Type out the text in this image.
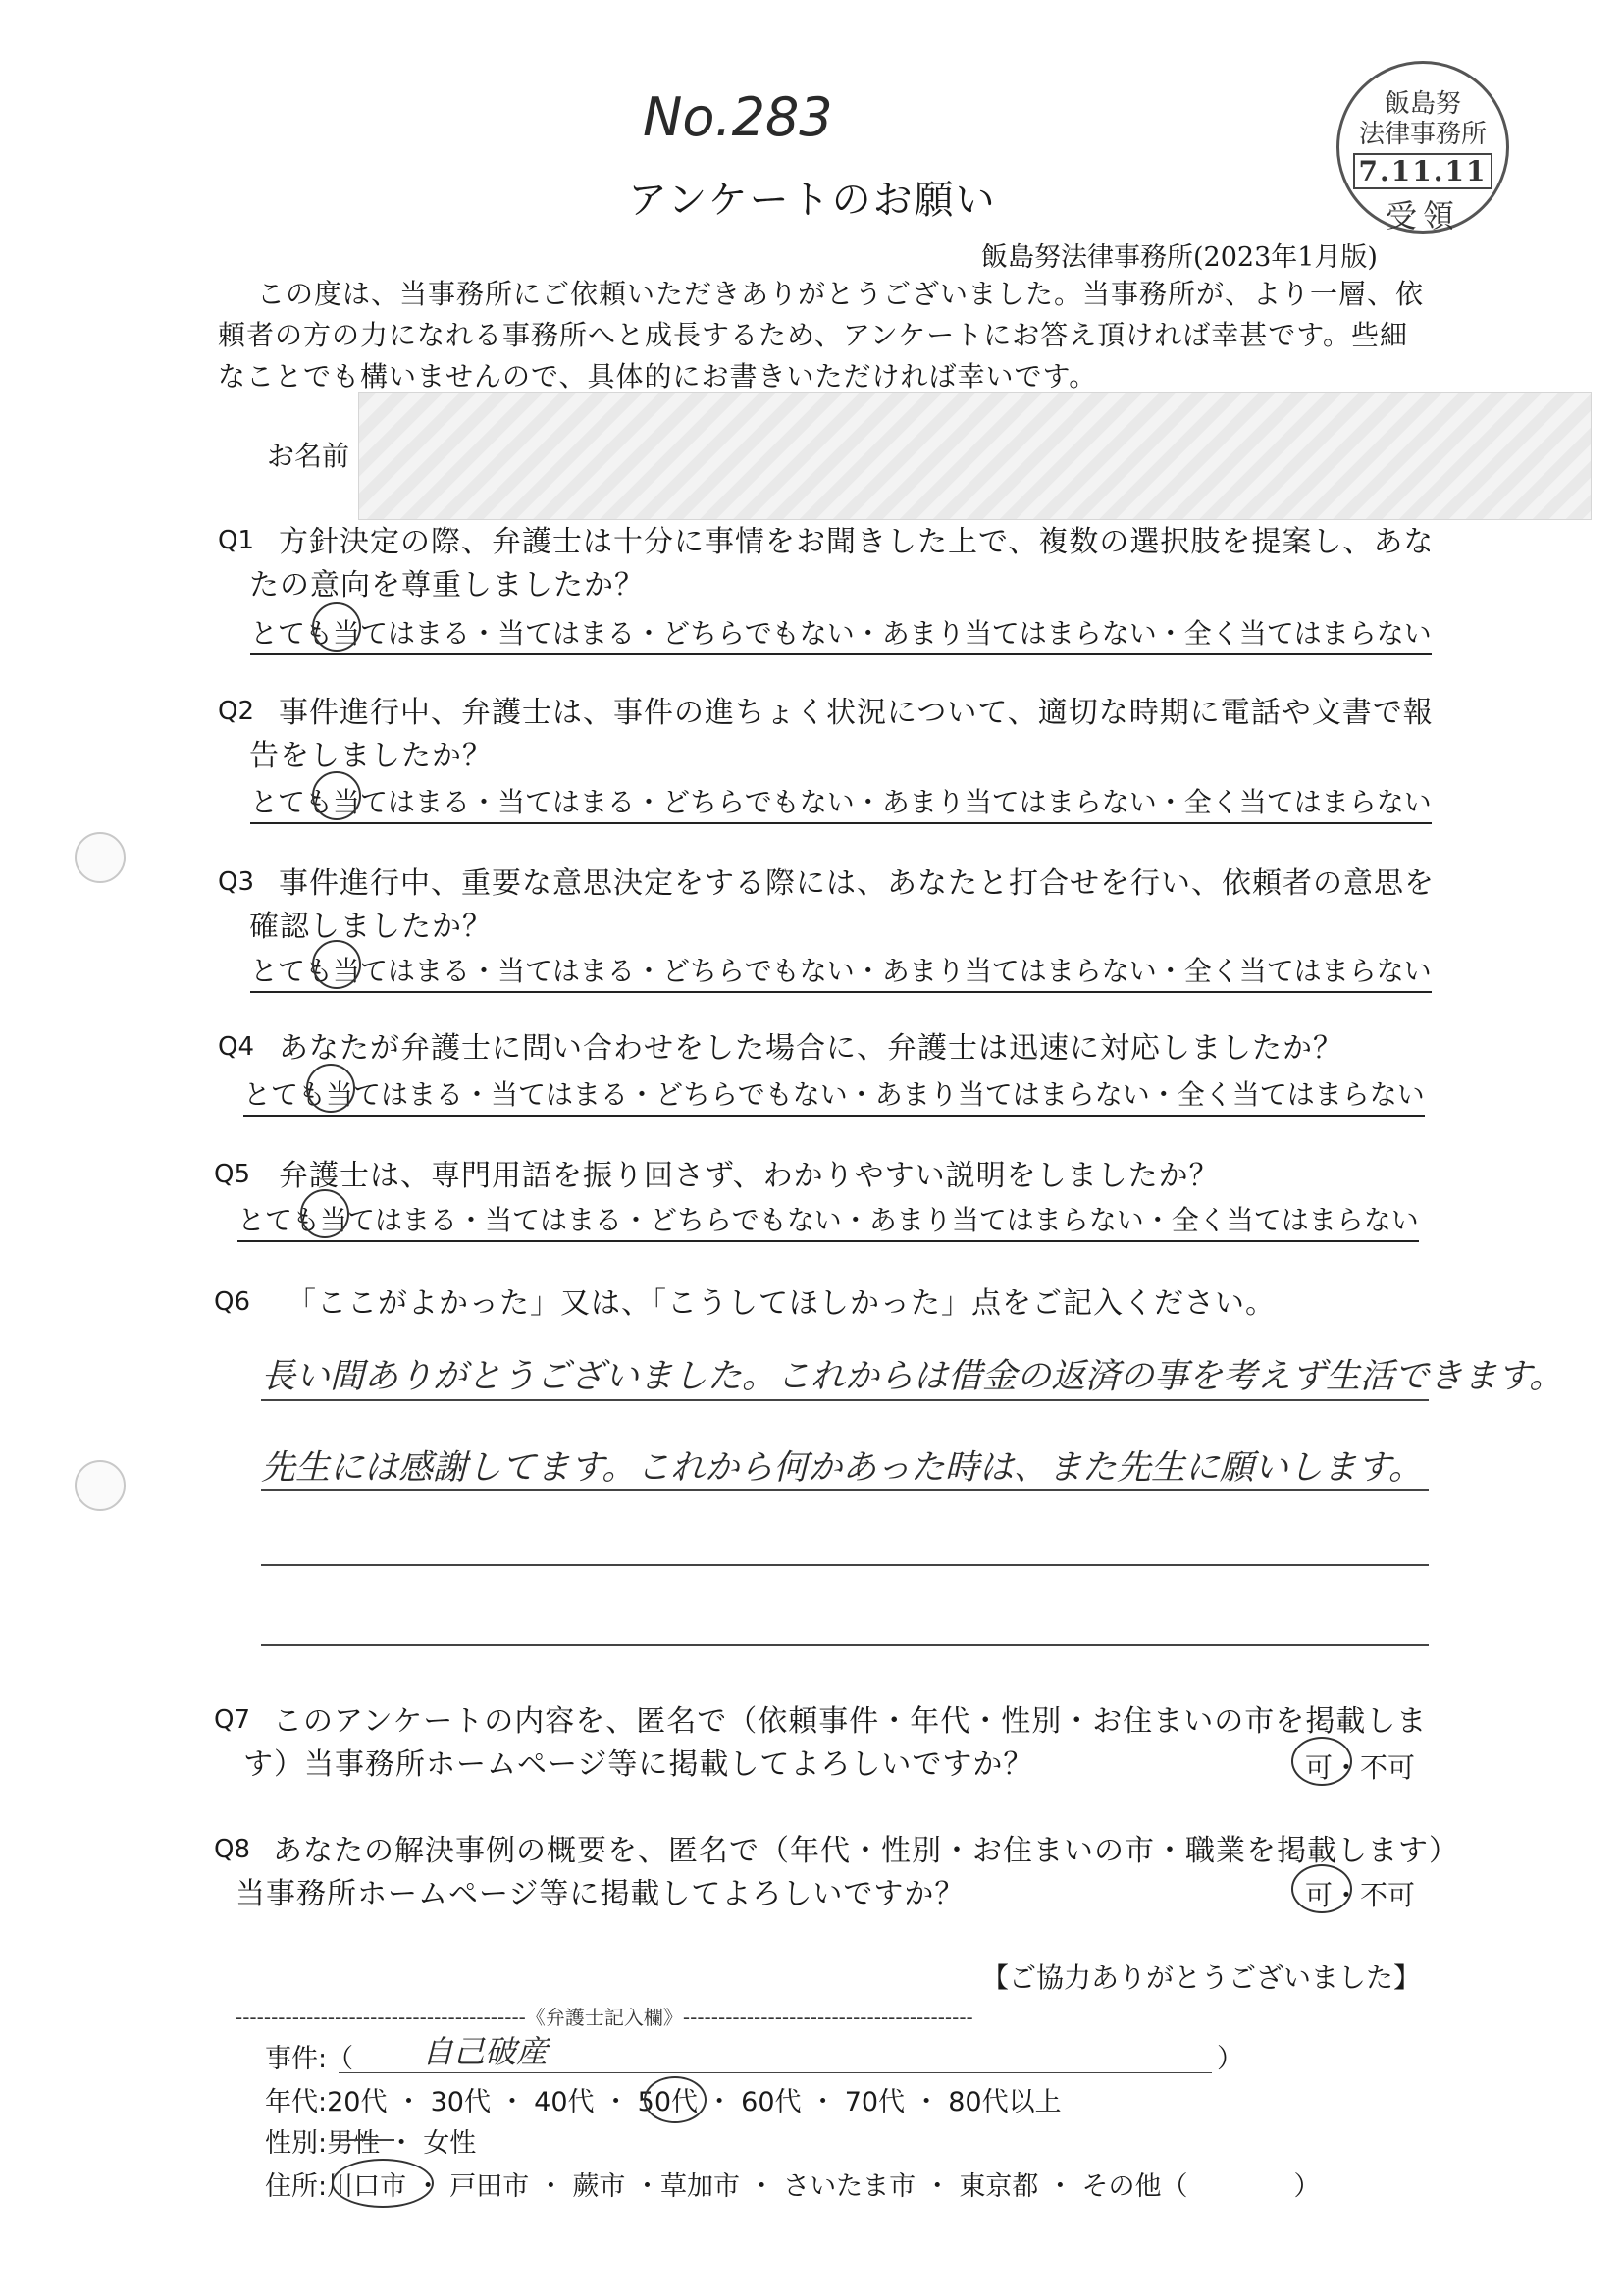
No.283	飯島努
法律事務所
7.11.11
受領
アンケートのお願い
飯島努法律事務所(2023年1月版)
この度は、当事務所にご依頼いただきありがとうございました。当事務所が、より一層、依
頼者の方の力になれる事務所へと成長するため、アンケートにお答え頂ければ幸甚です。些細
なことでも構いませんので、具体的にお書きいただければ幸いです。
お名前
Q1 方針決定の際、弁護士は十分に事情をお聞きした上で、複数の選択肢を提案し、あな
たの意向を尊重しましたか？
とても当てはまる・当てはまる・どちらでもない・あまり当てはまらない・全く当てはまらない
Q2 事件進行中、弁護士は、事件の進ちょく状況について、適切な時期に電話や文書で報
告をしましたか？
とても当てはまる・当てはまる・どちらでもない・あまり当てはまらない・全く当てはまらない
Q3 事件進行中、重要な意思決定をする際には、あなたと打合せを行い、依頼者の意思を
確認しましたか？
とても当てはまる・当てはまる・どちらでもない・あまり当てはまらない・全く当てはまらない
Q4 あなたが弁護士に問い合わせをした場合に、弁護士は迅速に対応しましたか？
とても当てはまる・当てはまる・どちらでもない・あまり当てはまらない・全く当てはまらない
Q5 弁護士は、専門用語を振り回さず、わかりやすい説明をしましたか？
とても当てはまる・当てはまる・どちらでもない・あまり当てはまらない・全く当てはまらない
Q6 「ここがよかった」又は、「こうしてほしかった」点をご記入ください。
長い間ありがとうございました。これからは借金の返済の事を考えず生活できます。
先生には感謝してます。これから何かあった時は、また先生に願いします。
Q7 このアンケートの内容を、匿名で（依頼事件・年代・性別・お住まいの市を掲載しま
す）当事務所ホームページ等に掲載してよろしいですか？	可・不可
Q8 あなたの解決事例の概要を、匿名で（年代・性別・お住まいの市・職業を掲載します）
当事務所ホームページ等に掲載してよろしいですか？	可・不可
【ご協力ありがとうございました】
-----------------------------------------《弁護士記入欄》-----------------------------------------
事件:（ 自己破産	）
年代:20代 ・ 30代 ・ 40代 ・ 50代 ・ 60代 ・ 70代 ・ 80代以上
性別:男性 ・ 女性
住所:川口市 ・ 戸田市 ・ 蕨市 ・草加市 ・ さいたま市 ・ 東京都 ・ その他（　　　　）
